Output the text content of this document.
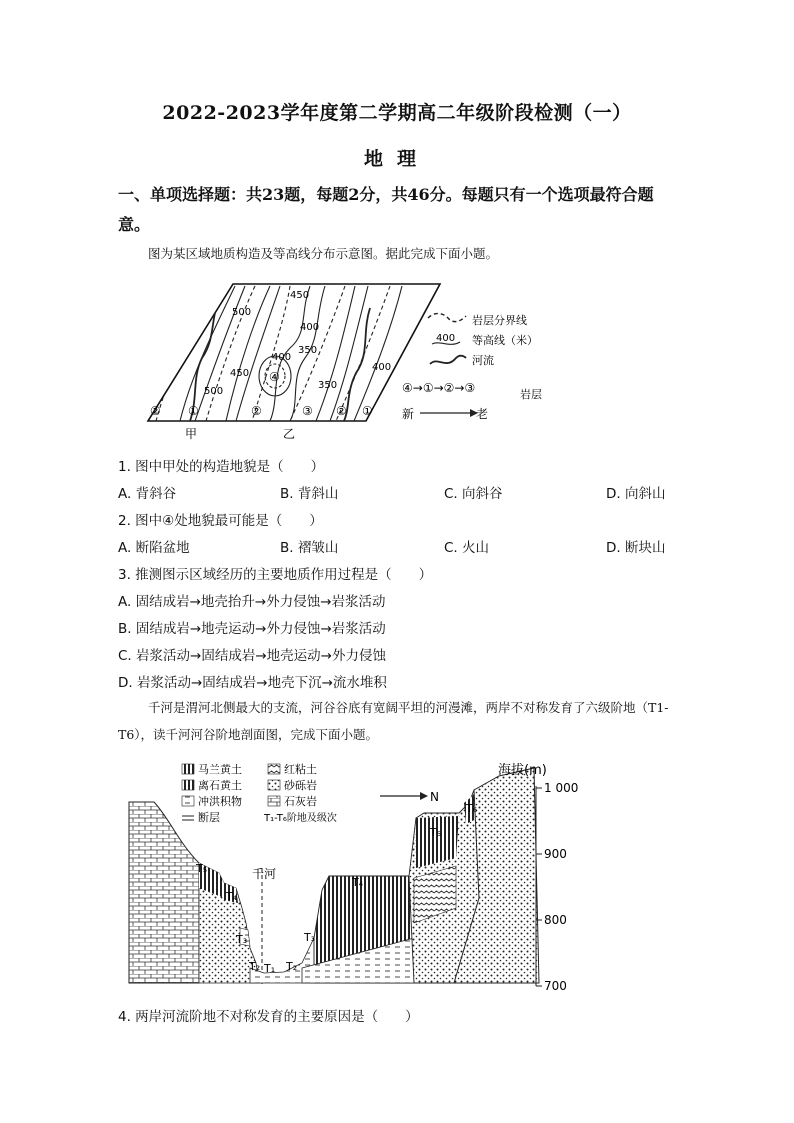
2022-2023学年度第二学期高二年级阶段检测（一）
地理
一、单项选择题：共23题，每题2分，共46分。每题只有一个选项最符合题意。
图为某区域地质构造及等高线分布示意图。据此完成下面小题。
450
500
400
400
350
450
500
350
400
② ①	②	③ ② ①
④
甲	乙
岩层分界线
400 等高线（米）
河流
④→①→②→③	岩层
新	老
1. 图中甲处的构造地貌是（　　）
A. 背斜谷	B. 背斜山	C. 向斜谷	D. 向斜山
2. 图中④处地貌最可能是（　　）
A. 断陷盆地	B. 褶皱山	C. 火山	D. 断块山
3. 推测图示区域经历的主要地质作用过程是（　　）
A. 固结成岩→地壳抬升→外力侵蚀→岩浆活动
B. 固结成岩→地壳运动→外力侵蚀→岩浆活动
C. 岩浆活动→固结成岩→地壳运动→外力侵蚀
D. 岩浆活动→固结成岩→地壳下沉→流水堆积
千河是渭河北侧最大的支流，河谷谷底有宽阔平坦的河漫滩，两岸不对称发育了六级阶地（T1-T6），读千河河谷阶地剖面图，完成下面小题。
马兰黄土	红粘土
离石黄土	砂砾岩
冲洪积物	石灰岩
断层	T₁-T₆阶地及级次
N
海拔(m)
1 000
900
800
700
千河
T₅
T₄
T₃
T₂ T₁ T₂
T₃
T₄
T₅
T₆
4. 两岸河流阶地不对称发育的主要原因是（　　）
